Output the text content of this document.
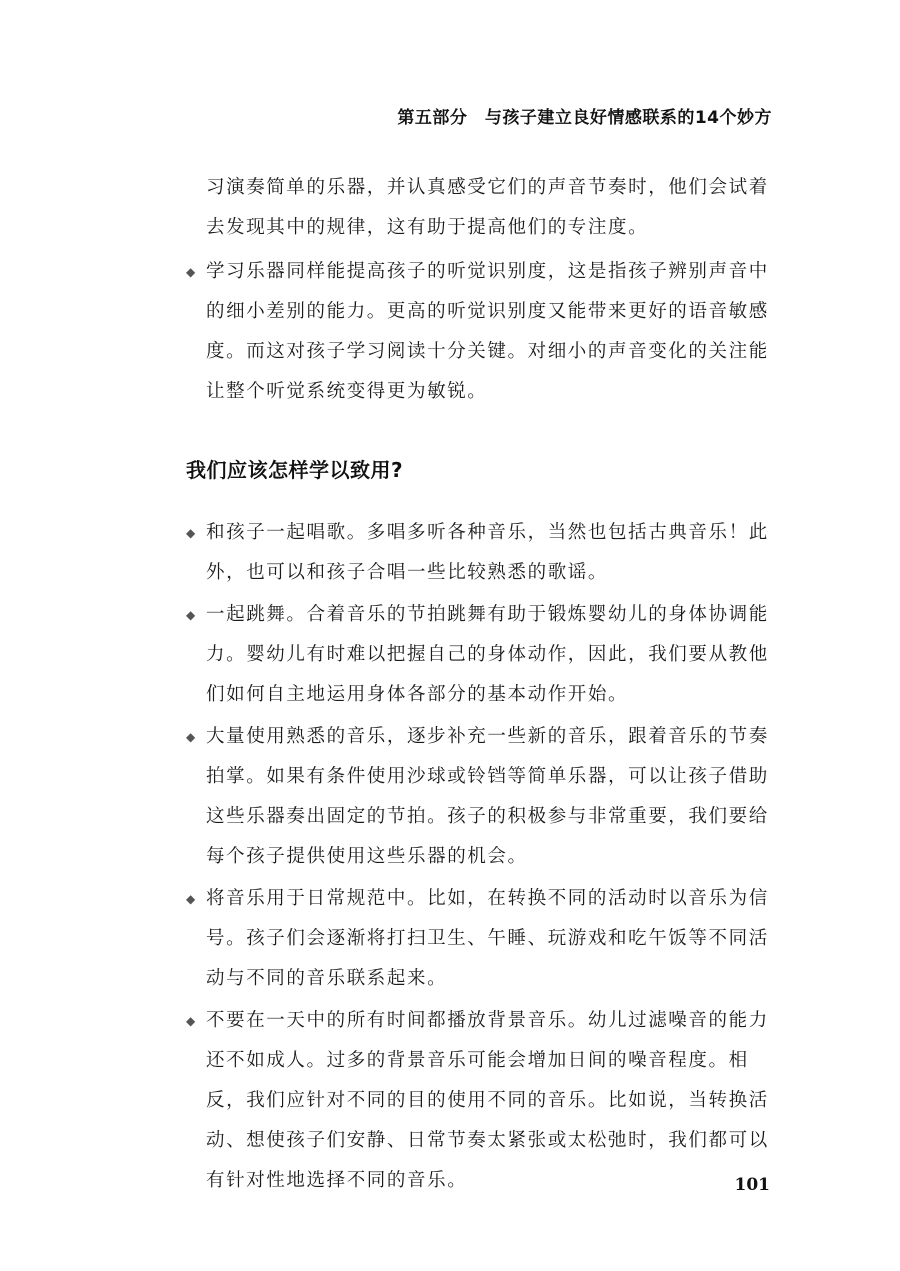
第五部分　与孩子建立良好情感联系的14个妙方
习演奏简单的乐器，并认真感受它们的声音节奏时，他们会试着去发现其中的规律，这有助于提高他们的专注度。
◆ 学习乐器同样能提高孩子的听觉识别度，这是指孩子辨别声音中的细小差别的能力。更高的听觉识别度又能带来更好的语音敏感度。而这对孩子学习阅读十分关键。对细小的声音变化的关注能让整个听觉系统变得更为敏锐。
我们应该怎样学以致用?
◆ 和孩子一起唱歌。多唱多听各种音乐，当然也包括古典音乐！此外，也可以和孩子合唱一些比较熟悉的歌谣。
◆ 一起跳舞。合着音乐的节拍跳舞有助于锻炼婴幼儿的身体协调能力。婴幼儿有时难以把握自己的身体动作，因此，我们要从教他们如何自主地运用身体各部分的基本动作开始。
◆ 大量使用熟悉的音乐，逐步补充一些新的音乐，跟着音乐的节奏拍掌。如果有条件使用沙球或铃铛等简单乐器，可以让孩子借助这些乐器奏出固定的节拍。孩子的积极参与非常重要，我们要给每个孩子提供使用这些乐器的机会。
◆ 将音乐用于日常规范中。比如，在转换不同的活动时以音乐为信号。孩子们会逐渐将打扫卫生、午睡、玩游戏和吃午饭等不同活动与不同的音乐联系起来。
◆ 不要在一天中的所有时间都播放背景音乐。幼儿过滤噪音的能力还不如成人。过多的背景音乐可能会增加日间的噪音程度。相反，我们应针对不同的目的使用不同的音乐。比如说，当转换活动、想使孩子们安静、日常节奏太紧张或太松弛时，我们都可以有针对性地选择不同的音乐。	101
